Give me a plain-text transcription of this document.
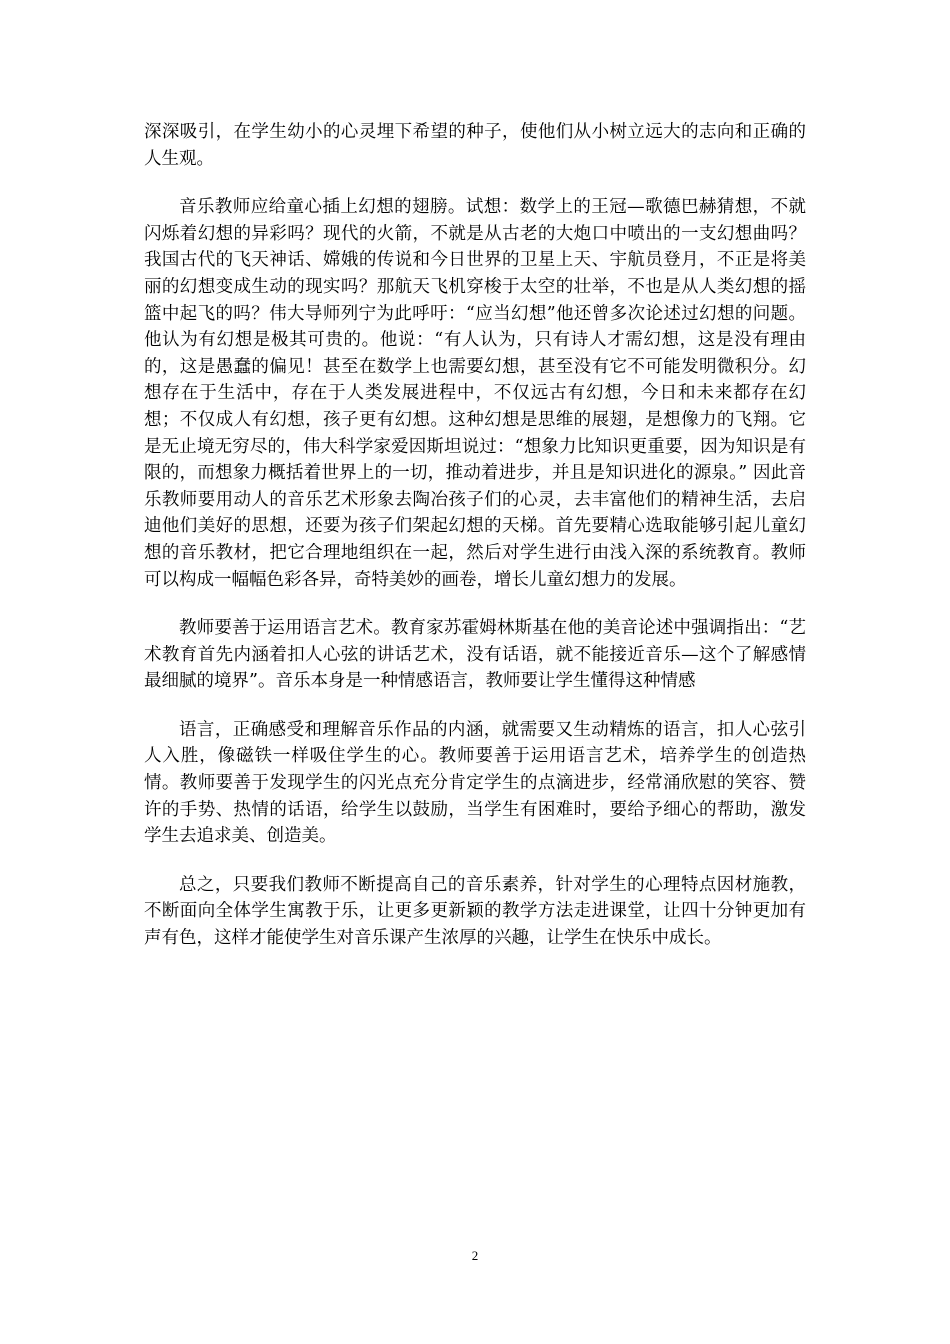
深深吸引，在学生幼小的心灵埋下希望的种子，使他们从小树立远大的志向和正确的人生观。

音乐教师应给童心插上幻想的翅膀。试想：数学上的王冠—歌德巴赫猜想，不就闪烁着幻想的异彩吗？现代的火箭，不就是从古老的大炮口中喷出的一支幻想曲吗？我国古代的飞天神话、嫦娥的传说和今日世界的卫星上天、宇航员登月，不正是将美丽的幻想变成生动的现实吗？那航天飞机穿梭于太空的壮举，不也是从人类幻想的摇篮中起飞的吗？伟大导师列宁为此呼吁：“应当幻想”他还曾多次论述过幻想的问题。他认为有幻想是极其可贵的。他说：“有人认为，只有诗人才需幻想，这是没有理由的，这是愚蠢的偏见！甚至在数学上也需要幻想，甚至没有它不可能发明微积分。幻想存在于生活中，存在于人类发展进程中，不仅远古有幻想，今日和未来都存在幻想；不仅成人有幻想，孩子更有幻想。这种幻想是思维的展翅，是想像力的飞翔。它是无止境无穷尽的，伟大科学家爱因斯坦说过：“想象力比知识更重要，因为知识是有限的，而想象力概括着世界上的一切，推动着进步，并且是知识进化的源泉。” 因此音乐教师要用动人的音乐艺术形象去陶冶孩子们的心灵，去丰富他们的精神生活，去启迪他们美好的思想，还要为孩子们架起幻想的天梯。首先要精心选取能够引起儿童幻想的音乐教材，把它合理地组织在一起，然后对学生进行由浅入深的系统教育。教师可以构成一幅幅色彩各异，奇特美妙的画卷，增长儿童幻想力的发展。

教师要善于运用语言艺术。教育家苏霍姆林斯基在他的美音论述中强调指出：“艺术教育首先内涵着扣人心弦的讲话艺术，没有话语，就不能接近音乐—这个了解感情最细腻的境界”。音乐本身是一种情感语言，教师要让学生懂得这种情感

语言，正确感受和理解音乐作品的内涵，就需要又生动精炼的语言，扣人心弦引人入胜，像磁铁一样吸住学生的心。教师要善于运用语言艺术，培养学生的创造热情。教师要善于发现学生的闪光点充分肯定学生的点滴进步，经常涌欣慰的笑容、赞许的手势、热情的话语，给学生以鼓励，当学生有困难时，要给予细心的帮助，激发学生去追求美、创造美。

总之，只要我们教师不断提高自己的音乐素养，针对学生的心理特点因材施教，不断面向全体学生寓教于乐，让更多更新颖的教学方法走进课堂，让四十分钟更加有声有色，这样才能使学生对音乐课产生浓厚的兴趣，让学生在快乐中成长。

2
